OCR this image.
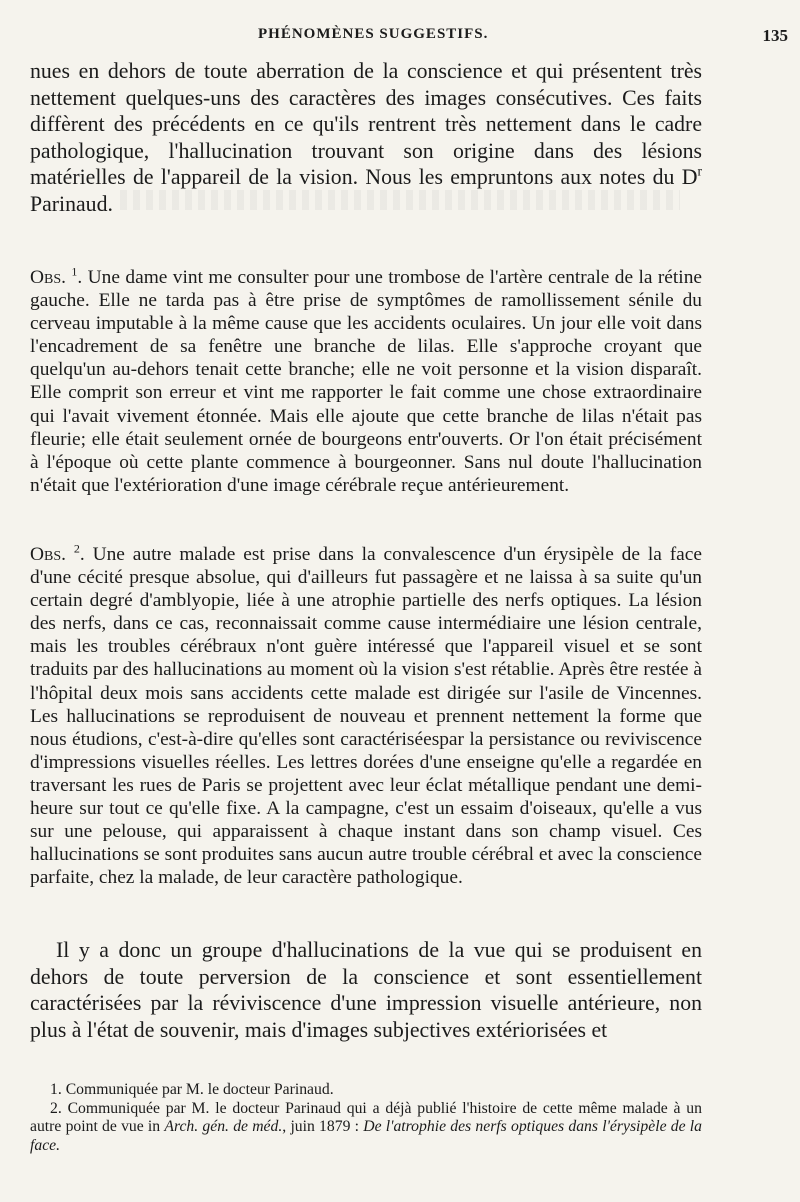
PHÉNOMÈNES SUGGESTIFS.	135

nues en dehors de toute aberration de la conscience et qui présentent très nettement quelques-uns des caractères des images consécutives. Ces faits diffèrent des précédents en ce qu'ils rentrent très nettement dans le cadre pathologique, l'hallucination trouvant son origine dans des lésions matérielles de l'appareil de la vision. Nous les empruntons aux notes du $D^r$ Parinaud.

Obs. $^1$. Une dame vint me consulter pour une trombose de l'artère centrale de la rétine gauche. Elle ne tarda pas à être prise de symptômes de ramollissement sénile du cerveau imputable à la même cause que les accidents oculaires. Un jour elle voit dans l'encadrement de sa fenêtre une branche de lilas. Elle s'approche croyant que quelqu'un au-dehors tenait cette branche; elle ne voit personne et la vision disparaît. Elle comprit son erreur et vint me rapporter le fait comme une chose extraordinaire qui l'avait vivement étonnée. Mais elle ajoute que cette branche de lilas n'était pas fleurie; elle était seulement ornée de bourgeons entr'ouverts. Or l'on était précisément à l'époque où cette plante commence à bourgeonner. Sans nul doute l'hallucination n'était que l'extérioration d'une image cérébrale reçue antérieurement.

Obs. $^2$. Une autre malade est prise dans la convalescence d'un érysipèle de la face d'une cécité presque absolue, qui d'ailleurs fut passagère et ne laissa à sa suite qu'un certain degré d'amblyopie, liée à une atrophie partielle des nerfs optiques. La lésion des nerfs, dans ce cas, reconnaissait comme cause intermédiaire une lésion centrale, mais les troubles cérébraux n'ont guère intéressé que l'appareil visuel et se sont traduits par des hallucinations au moment où la vision s'est rétablie. Après être restée à l'hôpital deux mois sans accidents cette malade est dirigée sur l'asile de Vincennes. Les hallucinations se reproduisent de nouveau et prennent nettement la forme que nous étudions, c'est-à-dire qu'elles sont caractériséespar la persistance ou reviviscence d'impressions visuelles réelles. Les lettres dorées d'une enseigne qu'elle a regardée en traversant les rues de Paris se projettent avec leur éclat métallique pendant une demi-heure sur tout ce qu'elle fixe. A la campagne, c'est un essaim d'oiseaux, qu'elle a vus sur une pelouse, qui apparaissent à chaque instant dans son champ visuel. Ces hallucinations se sont produites sans aucun autre trouble cérébral et avec la conscience parfaite, chez la malade, de leur caractère pathologique.

Il y a donc un groupe d'hallucinations de la vue qui se produisent en dehors de toute perversion de la conscience et sont essentiellement caractérisées par la réviviscence d'une impression visuelle antérieure, non plus à l'état de souvenir, mais d'images subjectives extériorisées et

1. Communiquée par M. le docteur Parinaud.

2. Communiquée par M. le docteur Parinaud qui a déjà publié l'histoire de cette même malade à un autre point de vue in Arch. gén. de méd., juin 1879 : De l'atrophie des nerfs optiques dans l'érysipèle de la face.
